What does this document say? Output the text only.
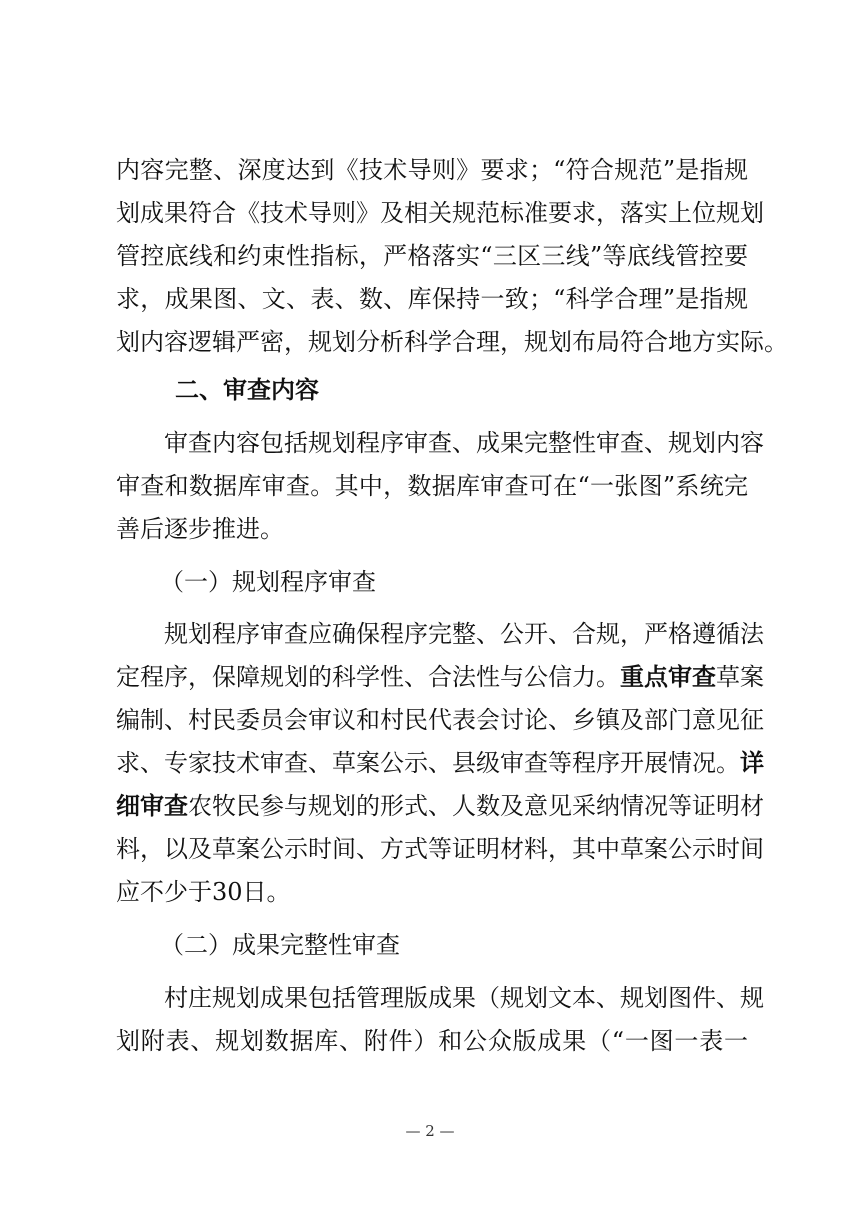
内容完整、深度达到《技术导则》要求；“符合规范”是指规
划成果符合《技术导则》及相关规范标准要求，落实上位规划
管控底线和约束性指标，严格落实“三区三线”等底线管控要
求，成果图、文、表、数、库保持一致；“科学合理”是指规
划内容逻辑严密，规划分析科学合理，规划布局符合地方实际。
二、审查内容
审查内容包括规划程序审查、成果完整性审查、规划内容
审查和数据库审查。其中，数据库审查可在“一张图”系统完
善后逐步推进。
（一）规划程序审查
规划程序审查应确保程序完整、公开、合规，严格遵循法
定程序，保障规划的科学性、合法性与公信力。重点审查草案
编制、村民委员会审议和村民代表会讨论、乡镇及部门意见征
求、专家技术审查、草案公示、县级审查等程序开展情况。详
细审查农牧民参与规划的形式、人数及意见采纳情况等证明材
料，以及草案公示时间、方式等证明材料，其中草案公示时间
应不少于30日。
（二）成果完整性审查
村庄规划成果包括管理版成果（规划文本、规划图件、规
划附表、规划数据库、附件）和公众版成果（“一图一表一
— 2 —
